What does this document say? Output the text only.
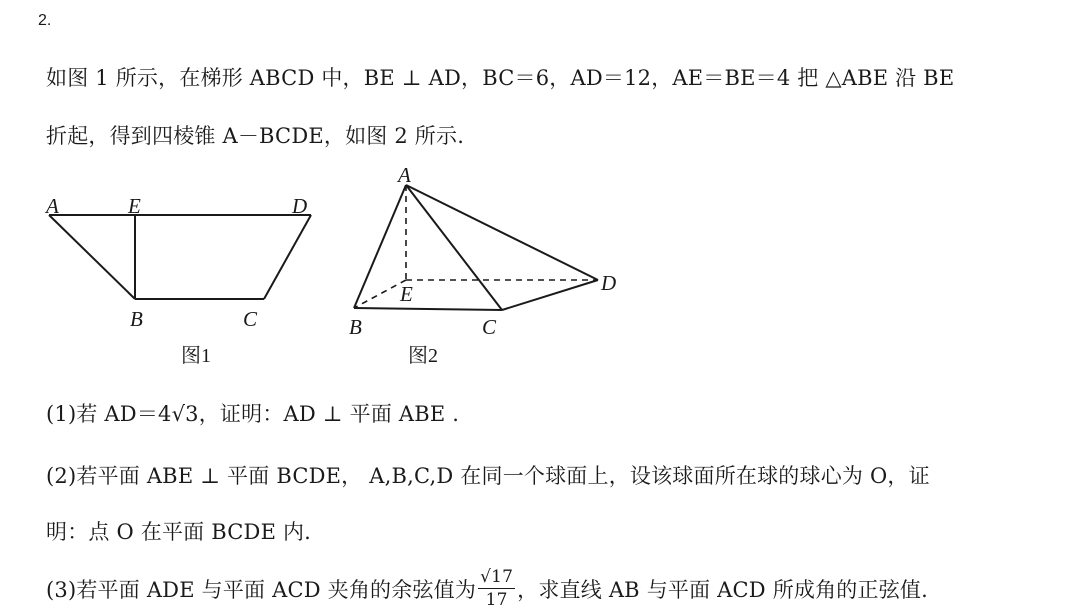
2.
如图 1 所示，在梯形 ABCD 中，BE ⊥ AD，BC＝6，AD＝12，AE＝BE＝4 把 △ABE 沿 BE
折起，得到四棱锥 A－BCDE，如图 2 所示.
A	E	D
B	C
图1
A
E	D
B	C
图2
(1)若 AD＝4√3，证明：AD ⊥ 平面 ABE .
(2)若平面 ABE ⊥ 平面 BCDE， A,B,C,D 在同一个球面上，设该球面所在球的球心为 O，证
明：点 O 在平面 BCDE 内.
(3)若平面 ADE 与平面 ACD 夹角的余弦值为 $\frac{√17}{17}$ ，求直线 AB 与平面 ACD 所成角的正弦值.
